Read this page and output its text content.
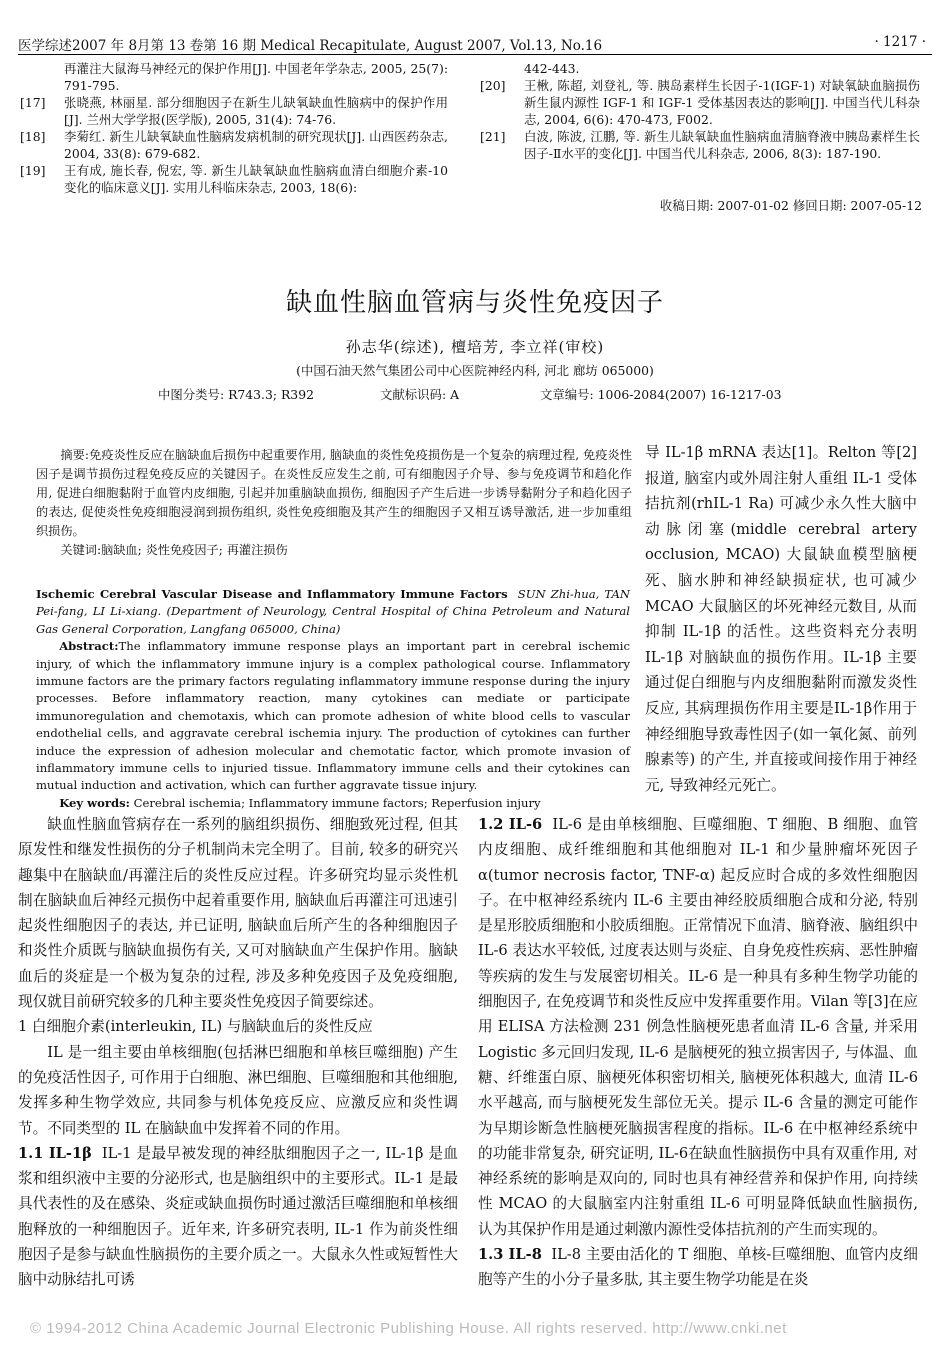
医学综述2007 年 8月第 13 卷第 16 期 Medical Recapitulate, August 2007, Vol.13, No.16	· 1217 ·
再灌注大鼠海马神经元的保护作用[J]. 中国老年学杂志, 2005, 25(7): 791-795.
[17]	张晓燕, 林丽星. 部分细胞因子在新生儿缺氧缺血性脑病中的保护作用[J]. 兰州大学学报(医学版), 2005, 31(4): 74-76.
[18]	李菊红. 新生儿缺氧缺血性脑病发病机制的研究现状[J]. 山西医药杂志, 2004, 33(8): 679-682.
[19]	王有成, 施长春, 倪宏, 等. 新生儿缺氧缺血性脑病血清白细胞介素-10变化的临床意义[J]. 实用儿科临床杂志, 2003, 18(6):
442-443.
[20]	王楸, 陈超, 刘登礼, 等. 胰岛素样生长因子-1(IGF-1) 对缺氧缺血脑损伤新生鼠内源性 IGF-1 和 IGF-1 受体基因表达的影响[J]. 中国当代儿科杂志, 2004, 6(6): 470-473, F002.
[21]	白波, 陈波, 江鹏, 等. 新生儿缺氧缺血性脑病血清脑脊液中胰岛素样生长因子-Ⅱ水平的变化[J]. 中国当代儿科杂志, 2006, 8(3): 187-190.
收稿日期: 2007-01-02 修回日期: 2007-05-12
缺血性脑血管病与炎性免疫因子
孙志华(综述), 檀培芳, 李立祥(审校)
(中国石油天然气集团公司中心医院神经内科, 河北 廊坊 065000)
中图分类号: R743.3; R392	文献标识码: A	文章编号: 1006-2084(2007) 16-1217-03

摘要:免疫炎性反应在脑缺血后损伤中起重要作用, 脑缺血的炎性免疫损伤是一个复杂的病理过程, 免疫炎性因子是调节损伤过程免疫反应的关键因子。在炎性反应发生之前, 可有细胞因子介导、参与免疫调节和趋化作用, 促进白细胞黏附于血管内皮细胞, 引起并加重脑缺血损伤, 细胞因子产生后进一步诱导黏附分子和趋化因子的表达, 促使炎性免疫细胞浸润到损伤组织, 炎性免疫细胞及其产生的细胞因子又相互诱导激活, 进一步加重组织损伤。

关键词:脑缺血; 炎性免疫因子; 再灌注损伤

Ischemic Cerebral Vascular Disease and Inflammatory Immune Factors SUN Zhi-hua, TAN Pei-fang, LI Li-xiang. (Department of Neurology, Central Hospital of China Petroleum and Natural Gas General Corporation, Langfang 065000, China)

Abstract:The inflammatory immune response plays an important part in cerebral ischemic injury, of which the inflammatory immune injury is a complex pathological course. Inflammatory immune factors are the primary factors regulating inflammatory immune response during the injury processes. Before inflammatory reaction, many cytokines can mediate or participate immunoregulation and chemotaxis, which can promote adhesion of white blood cells to vascular endothelial cells, and aggravate cerebral ischemia injury. The production of cytokines can further induce the expression of adhesion molecular and chemotatic factor, which promote invasion of inflammatory immune cells to injuried tissue. Inflammatory immune cells and their cytokines can mutual induction and activation, which can further aggravate tissue injury.

Key words: Cerebral ischemia; Inflammatory immune factors; Reperfusion injury

导 IL-1β mRNA 表达[1]。Relton 等[2]报道, 脑室内或外周注射人重组 IL-1 受体拮抗剂(rhIL-1 Ra) 可减少永久性大脑中动脉闭塞(middle cerebral artery occlusion, MCAO) 大鼠缺血模型脑梗死、脑水肿和神经缺损症状, 也可减少 MCAO 大鼠脑区的坏死神经元数目, 从而抑制 IL-1β 的活性。这些资料充分表明 IL-1β 对脑缺血的损伤作用。IL-1β 主要通过促白细胞与内皮细胞黏附而激发炎性反应, 其病理损伤作用主要是IL-1β作用于神经细胞导致毒性因子(如一氧化氮、前列腺素等) 的产生, 并直接或间接作用于神经元, 导致神经元死亡。

缺血性脑血管病存在一系列的脑组织损伤、细胞致死过程, 但其原发性和继发性损伤的分子机制尚未完全明了。目前, 较多的研究兴趣集中在脑缺血/再灌注后的炎性反应过程。许多研究均显示炎性机制在脑缺血后神经元损伤中起着重要作用, 脑缺血后再灌注可迅速引起炎性细胞因子的表达, 并已证明, 脑缺血后所产生的各种细胞因子和炎性介质既与脑缺血损伤有关, 又可对脑缺血产生保护作用。脑缺血后的炎症是一个极为复杂的过程, 涉及多种免疫因子及免疫细胞, 现仅就目前研究较多的几种主要炎性免疫因子简要综述。

1 白细胞介素(interleukin, IL) 与脑缺血后的炎性反应

IL 是一组主要由单核细胞(包括淋巴细胞和单核巨噬细胞) 产生的免疫活性因子, 可作用于白细胞、淋巴细胞、巨噬细胞和其他细胞, 发挥多种生物学效应, 共同参与机体免疫反应、应激反应和炎性调节。不同类型的 IL 在脑缺血中发挥着不同的作用。

1.1 IL-1β IL-1 是最早被发现的神经肽细胞因子之一, IL-1β 是血浆和组织液中主要的分泌形式, 也是脑组织中的主要形式。IL-1 是最具代表性的及在感染、炎症或缺血损伤时通过激活巨噬细胞和单核细胞释放的一种细胞因子。近年来, 许多研究表明, IL-1 作为前炎性细胞因子是参与缺血性脑损伤的主要介质之一。大鼠永久性或短暂性大脑中动脉结扎可诱

1.2 IL-6 IL-6 是由单核细胞、巨噬细胞、T 细胞、B 细胞、血管内皮细胞、成纤维细胞和其他细胞对 IL-1 和少量肿瘤坏死因子α(tumor necrosis factor, TNF-α) 起反应时合成的多效性细胞因子。在中枢神经系统内 IL-6 主要由神经胶质细胞合成和分泌, 特别是星形胶质细胞和小胶质细胞。正常情况下血清、脑脊液、脑组织中 IL-6 表达水平较低, 过度表达则与炎症、自身免疫性疾病、恶性肿瘤等疾病的发生与发展密切相关。IL-6 是一种具有多种生物学功能的细胞因子, 在免疫调节和炎性反应中发挥重要作用。Vilan 等[3]在应用 ELISA 方法检测 231 例急性脑梗死患者血清 IL-6 含量, 并采用 Logistic 多元回归发现, IL-6 是脑梗死的独立损害因子, 与体温、血糖、纤维蛋白原、脑梗死体积密切相关, 脑梗死体积越大, 血清 IL-6 水平越高, 而与脑梗死发生部位无关。提示 IL-6 含量的测定可能作为早期诊断急性脑梗死脑损害程度的指标。IL-6 在中枢神经系统中的功能非常复杂, 研究证明, IL-6在缺血性脑损伤中具有双重作用, 对神经系统的影响是双向的, 同时也具有神经营养和保护作用, 向持续性 MCAO 的大鼠脑室内注射重组 IL-6 可明显降低缺血性脑损伤, 认为其保护作用是通过刺激内源性受体拮抗剂的产生而实现的。

1.3 IL-8 IL-8 主要由活化的 T 细胞、单核-巨噬细胞、血管内皮细胞等产生的小分子量多肽, 其主要生物学功能是在炎

© 1994-2012 China Academic Journal Electronic Publishing House. All rights reserved. http://www.cnki.net
